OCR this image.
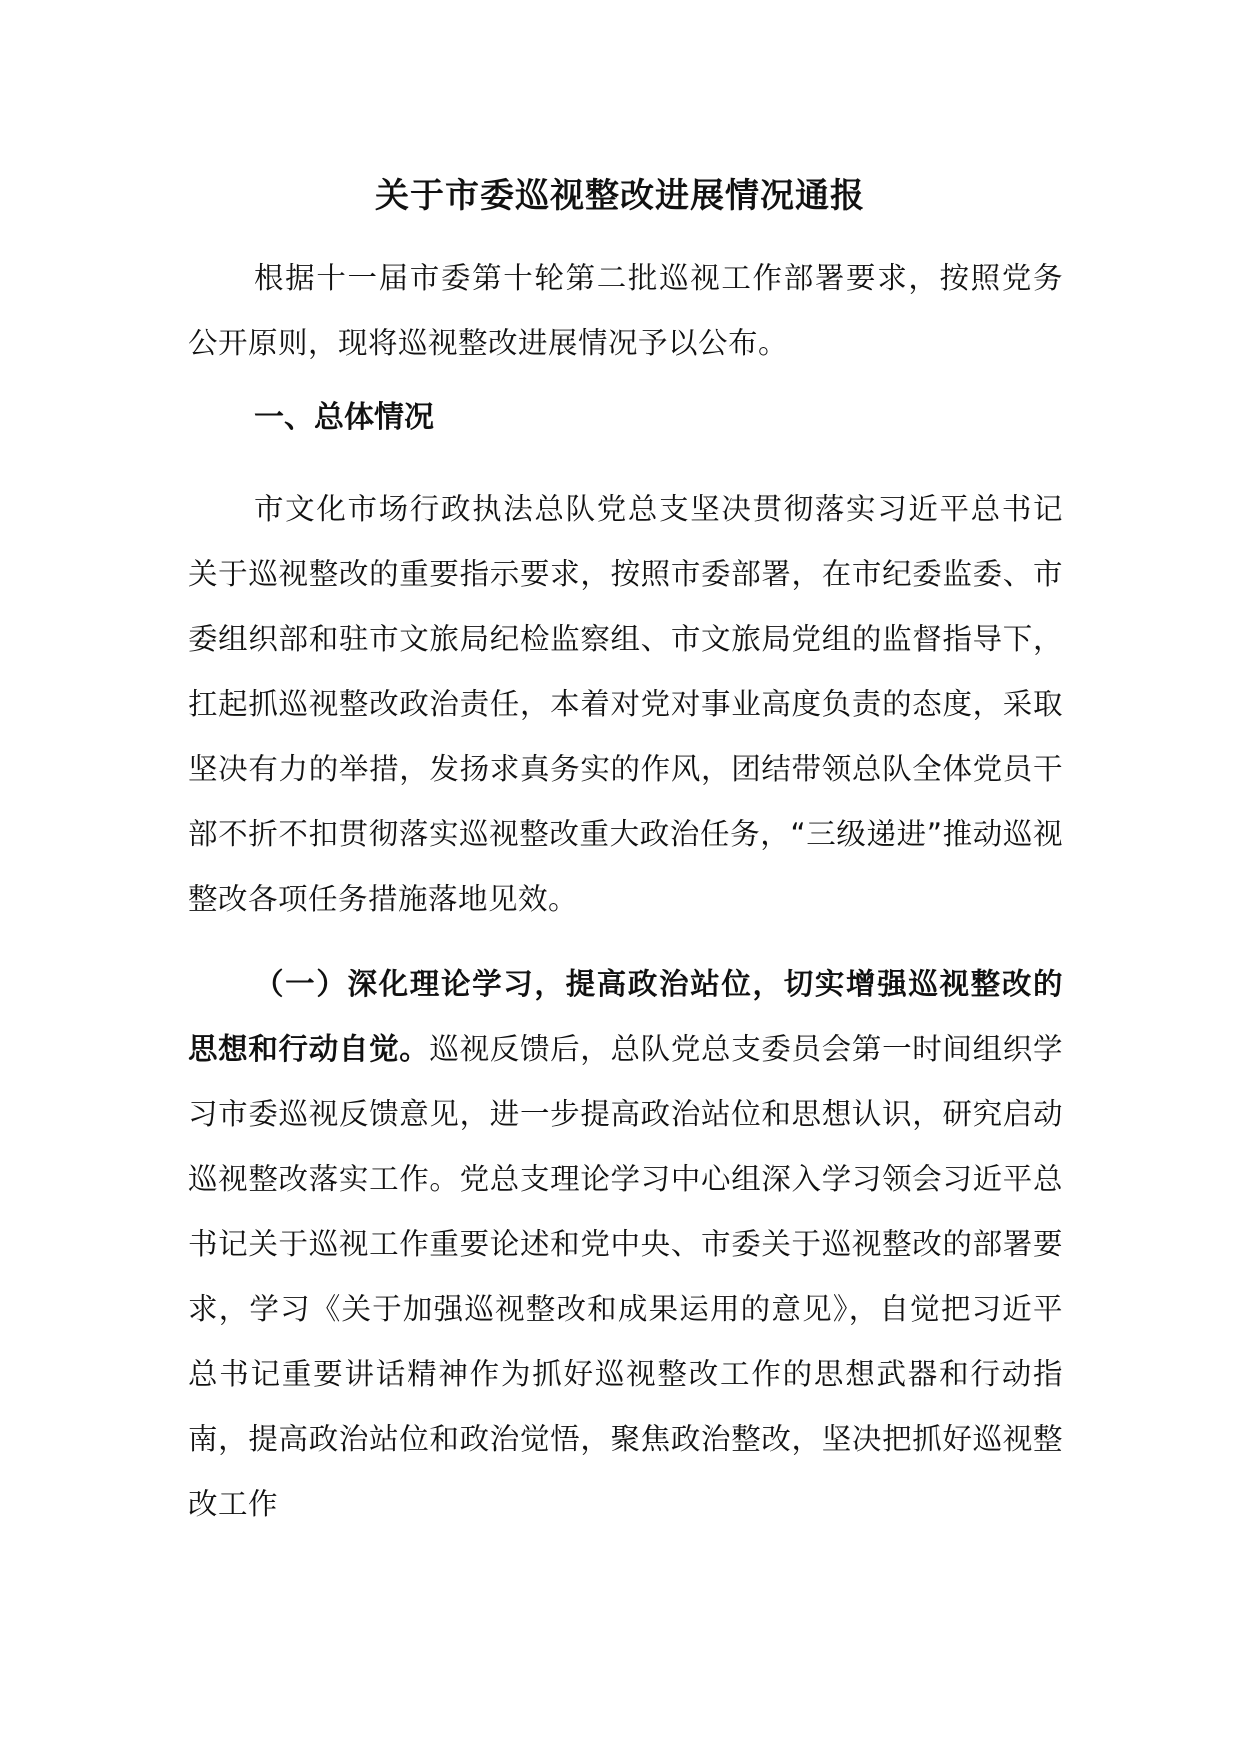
关于市委巡视整改进展情况通报

根据十一届市委第十轮第二批巡视工作部署要求，按照党务公开原则，现将巡视整改进展情况予以公布。

一、总体情况

市文化市场行政执法总队党总支坚决贯彻落实习近平总书记关于巡视整改的重要指示要求，按照市委部署，在市纪委监委、市委组织部和驻市文旅局纪检监察组、市文旅局党组的监督指导下，扛起抓巡视整改政治责任，本着对党对事业高度负责的态度，采取坚决有力的举措，发扬求真务实的作风，团结带领总队全体党员干部不折不扣贯彻落实巡视整改重大政治任务，“三级递进”推动巡视整改各项任务措施落地见效。

（一）深化理论学习，提高政治站位，切实增强巡视整改的思想和行动自觉。巡视反馈后，总队党总支委员会第一时间组织学习市委巡视反馈意见，进一步提高政治站位和思想认识，研究启动巡视整改落实工作。党总支理论学习中心组深入学习领会习近平总书记关于巡视工作重要论述和党中央、市委关于巡视整改的部署要求，学习《关于加强巡视整改和成果运用的意见》，自觉把习近平总书记重要讲话精神作为抓好巡视整改工作的思想武器和行动指南，提高政治站位和政治觉悟，聚焦政治整改，坚决把抓好巡视整改工作
